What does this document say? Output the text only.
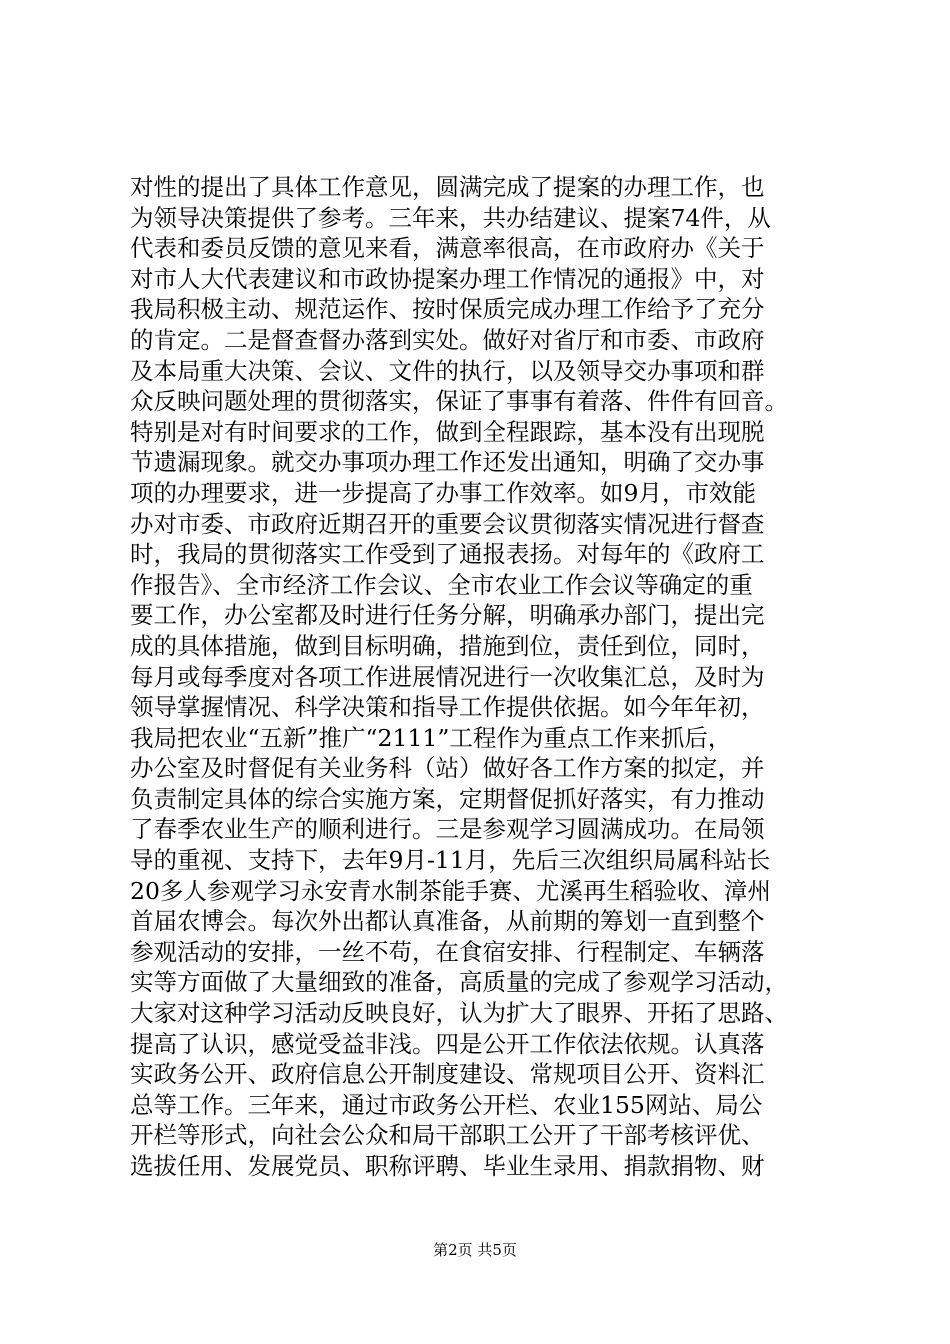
对性的提出了具体工作意见，圆满完成了提案的办理工作，也
为领导决策提供了参考。三年来，共办结建议、提案74件，从
代表和委员反馈的意见来看，满意率很高，在市政府办《关于
对市人大代表建议和市政协提案办理工作情况的通报》中，对
我局积极主动、规范运作、按时保质完成办理工作给予了充分
的肯定。二是督查督办落到实处。做好对省厅和市委、市政府
及本局重大决策、会议、文件的执行，以及领导交办事项和群
众反映问题处理的贯彻落实，保证了事事有着落、件件有回音。
特别是对有时间要求的工作，做到全程跟踪，基本没有出现脱
节遗漏现象。就交办事项办理工作还发出通知，明确了交办事
项的办理要求，进一步提高了办事工作效率。如9月，市效能
办对市委、市政府近期召开的重要会议贯彻落实情况进行督查
时，我局的贯彻落实工作受到了通报表扬。对每年的《政府工
作报告》、全市经济工作会议、全市农业工作会议等确定的重
要工作，办公室都及时进行任务分解，明确承办部门，提出完
成的具体措施，做到目标明确，措施到位，责任到位，同时，
每月或每季度对各项工作进展情况进行一次收集汇总，及时为
领导掌握情况、科学决策和指导工作提供依据。如今年年初，
我局把农业“五新”推广“2111”工程作为重点工作来抓后，
办公室及时督促有关业务科（站）做好各工作方案的拟定，并
负责制定具体的综合实施方案，定期督促抓好落实，有力推动
了春季农业生产的顺利进行。三是参观学习圆满成功。在局领
导的重视、支持下，去年9月-11月，先后三次组织局属科站长
20多人参观学习永安青水制茶能手赛、尤溪再生稻验收、漳州
首届农博会。每次外出都认真准备，从前期的筹划一直到整个
参观活动的安排，一丝不苟，在食宿安排、行程制定、车辆落
实等方面做了大量细致的准备，高质量的完成了参观学习活动，
大家对这种学习活动反映良好，认为扩大了眼界、开拓了思路、
提高了认识，感觉受益非浅。四是公开工作依法依规。认真落
实政务公开、政府信息公开制度建设、常规项目公开、资料汇
总等工作。三年来，通过市政务公开栏、农业155网站、局公
开栏等形式，向社会公众和局干部职工公开了干部考核评优、
选拔任用、发展党员、职称评聘、毕业生录用、捐款捐物、财
第2页 共5页
